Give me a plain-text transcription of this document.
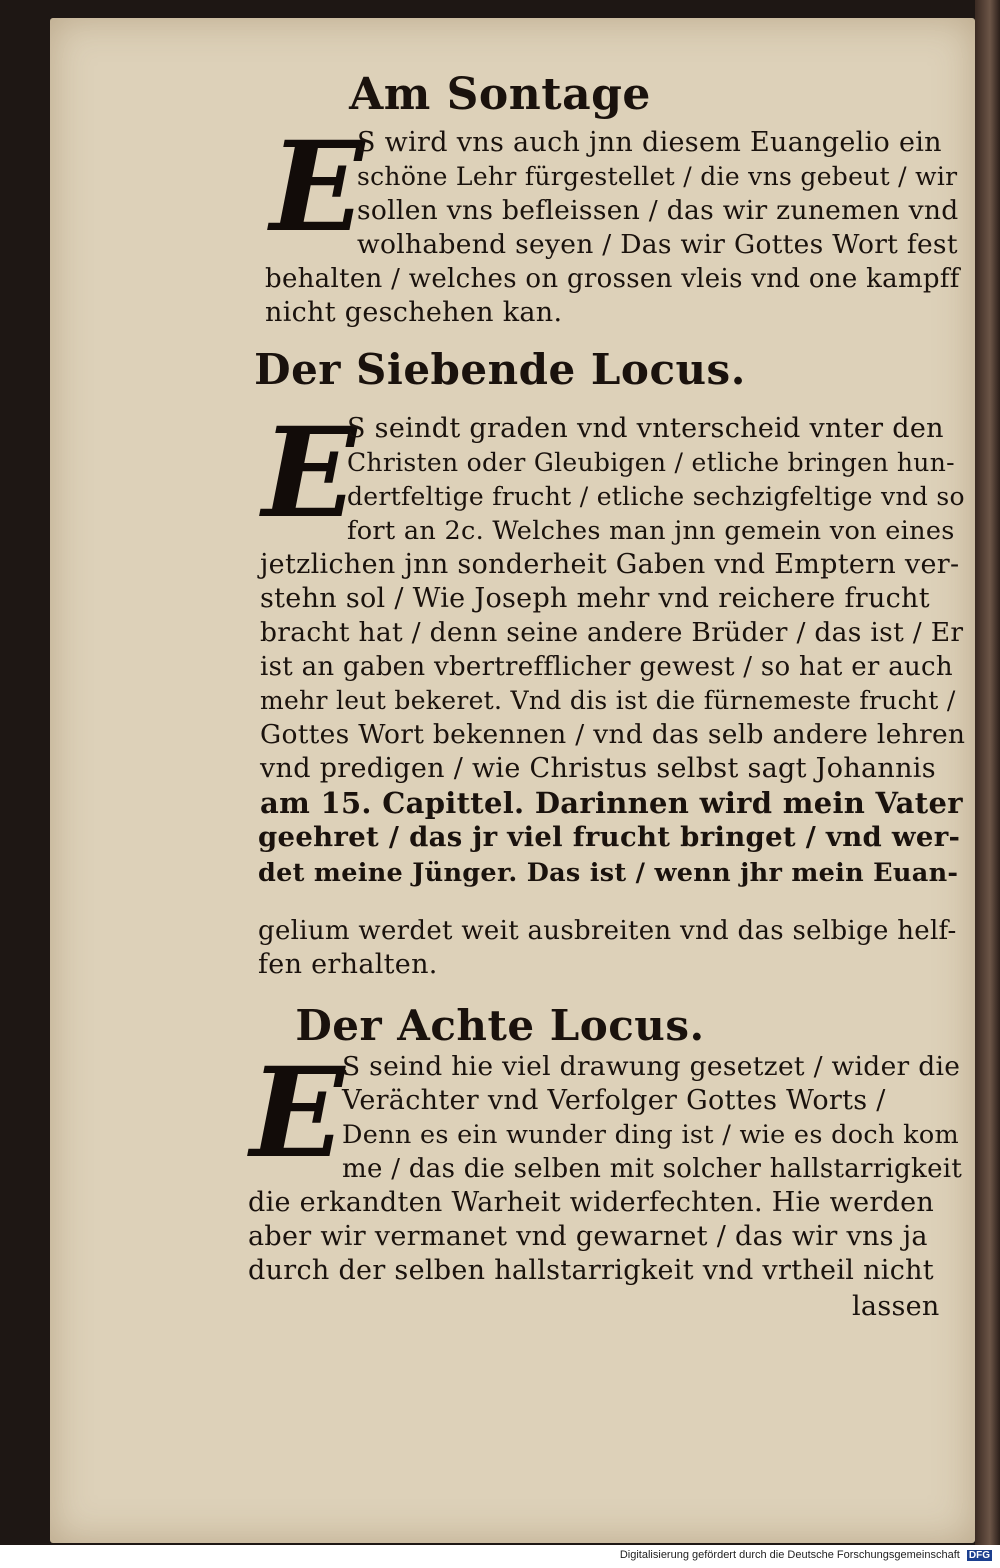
Am Sontage
Der Siebende Locus.
Der Achte Locus.
E
E
E
S wird vns auch jnn diesem Euangelio ein
schöne Lehr fürgestellet / die vns gebeut / wir
sollen vns befleissen / das wir zunemen vnd
wolhabend seyen / Das wir Gottes Wort fest
behalten / welches on grossen vleis vnd one kampff
nicht geschehen kan.
S seindt graden vnd vnterscheid vnter den
Christen oder Gleubigen / etliche bringen hun-
dertfeltige frucht / etliche sechzigfeltige vnd so
fort an 2c. Welches man jnn gemein von eines
jetzlichen jnn sonderheit Gaben vnd Emptern ver-
stehn sol / Wie Joseph mehr vnd reichere frucht
bracht hat / denn seine andere Brüder / das ist / Er
ist an gaben vbertrefflicher gewest / so hat er auch
mehr leut bekeret. Vnd dis ist die fürnemeste frucht /
Gottes Wort bekennen / vnd das selb andere lehren
vnd predigen / wie Christus selbst sagt Johannis
am 15. Capittel. Darinnen wird mein Vater
geehret / das jr viel frucht bringet / vnd wer-
det meine Jünger. Das ist / wenn jhr mein Euan-
gelium werdet weit ausbreiten vnd das selbige helf-
fen erhalten.
S seind hie viel drawung gesetzet / wider die
Verächter vnd Verfolger Gottes Worts /
Denn es ein wunder ding ist / wie es doch kom
me / das die selben mit solcher hallstarrigkeit
die erkandten Warheit widerfechten. Hie werden
aber wir vermanet vnd gewarnet / das wir vns ja
durch der selben hallstarrigkeit vnd vrtheil nicht
lassen
Digitalisierung gefördert durch die Deutsche Forschungsgemeinschaft DFG
